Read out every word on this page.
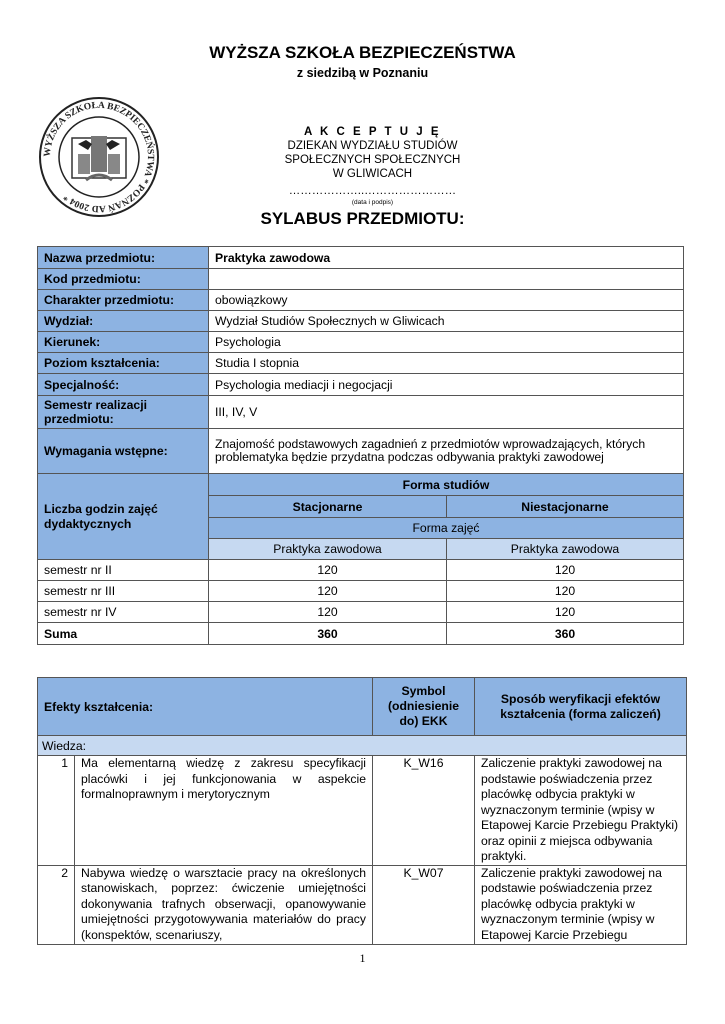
WYŻSZA SZKOŁA BEZPIECZEŃSTWA
z siedzibą w Poznaniu
WYŻSZA SZKOŁA BEZPIECZEŃSTWA * POZNAŃ AD 2004 *
A K C E P T U J Ę
DZIEKAN WYDZIAŁU STUDIÓW
SPOŁECZNYCH SPOŁECZNYCH
W GLIWICACH
………………..……………………
(data i podpis)
SYLABUS PRZEDMIOTU:
Nazwa przedmiotu:	Praktyka zawodowa	
Kod przedmiotu:		
Charakter przedmiotu:	obowiązkowy	
Wydział:	Wydział Studiów Społecznych w Gliwicach	
Kierunek:	Psychologia	
Poziom kształcenia:	Studia I stopnia	
Specjalność:	Psychologia mediacji i negocjacji	
Semestr realizacji przedmiotu:	III, IV, V	
Wymagania wstępne:	Znajomość podstawowych zagadnień z przedmiotów wprowadzających, których problematyka będzie przydatna podczas odbywania praktyki zawodowej	
Liczba godzin zajęć dydaktycznych	Forma studiów	
	Stacjonarne	Niestacjonarne
	Forma zajęć	
	Praktyka zawodowa	Praktyka zawodowa
semestr nr II	120	120
semestr nr III	120	120
semestr nr IV	120	120
Suma	360	360
Efekty kształcenia:		Symbol (odniesienie do) EKK	Sposób weryfikacji efektów kształcenia (forma zaliczeń)
Wiedza:			
1	Ma elementarną wiedzę z zakresu specyfikacji placówki i jej funkcjonowania w aspekcie formalnoprawnym i merytorycznym	K_W16	Zaliczenie praktyki zawodowej na podstawie poświadczenia przez placówkę odbycia praktyki w wyznaczonym terminie (wpisy w Etapowej Karcie Przebiegu Praktyki) oraz opinii z miejsca odbywania praktyki.
2	Nabywa wiedzę o warsztacie pracy na określonych stanowiskach, poprzez: ćwiczenie umiejętności dokonywania trafnych obserwacji, opanowywanie umiejętności przygotowywania materiałów do pracy (konspektów, scenariuszy,	K_W07	Zaliczenie praktyki zawodowej na podstawie poświadczenia przez placówkę odbycia praktyki w wyznaczonym terminie (wpisy w Etapowej Karcie Przebiegu
1
